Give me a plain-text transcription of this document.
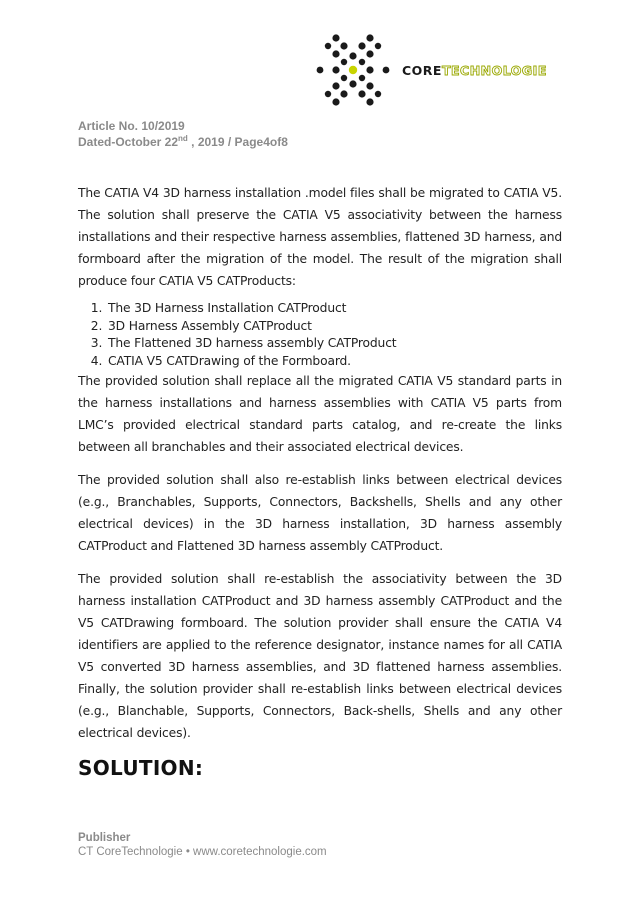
CORETECHNOLOGIE
Article No. 10/2019
Dated-October 22nd , 2019 / Page4of8

The CATIA V4 3D harness installation .model files shall be migrated to CATIA V5. The solution shall preserve the CATIA V5 associativity between the harness installations and their respective harness assemblies, flattened 3D harness, and formboard after the migration of the model. The result of the migration shall produce four CATIA V5 CATProducts:

1. The 3D Harness Installation CATProduct
2. 3D Harness Assembly CATProduct
3. The Flattened 3D harness assembly CATProduct
4. CATIA V5 CATDrawing of the Formboard.

The provided solution shall replace all the migrated CATIA V5 standard parts in the harness installations and harness assemblies with CATIA V5 parts from LMC’s provided electrical standard parts catalog, and re-create the links between all branchables and their associated electrical devices.

The provided solution shall also re-establish links between electrical devices (e.g., Branchables, Supports, Connectors, Backshells, Shells and any other electrical devices) in the 3D harness installation, 3D harness assembly CATProduct and Flattened 3D harness assembly CATProduct.

The provided solution shall re-establish the associativity between the 3D harness installation CATProduct and 3D harness assembly CATProduct and the V5 CATDrawing formboard. The solution provider shall ensure the CATIA V4 identifiers are applied to the reference designator, instance names for all CATIA V5 converted 3D harness assemblies, and 3D flattened harness assemblies. Finally, the solution provider shall re-establish links between electrical devices (e.g., Blanchable, Supports, Connectors, Back-shells, Shells and any other electrical devices).

SOLUTION:
Publisher
CT CoreTechnologie • www.coretechnologie.com
